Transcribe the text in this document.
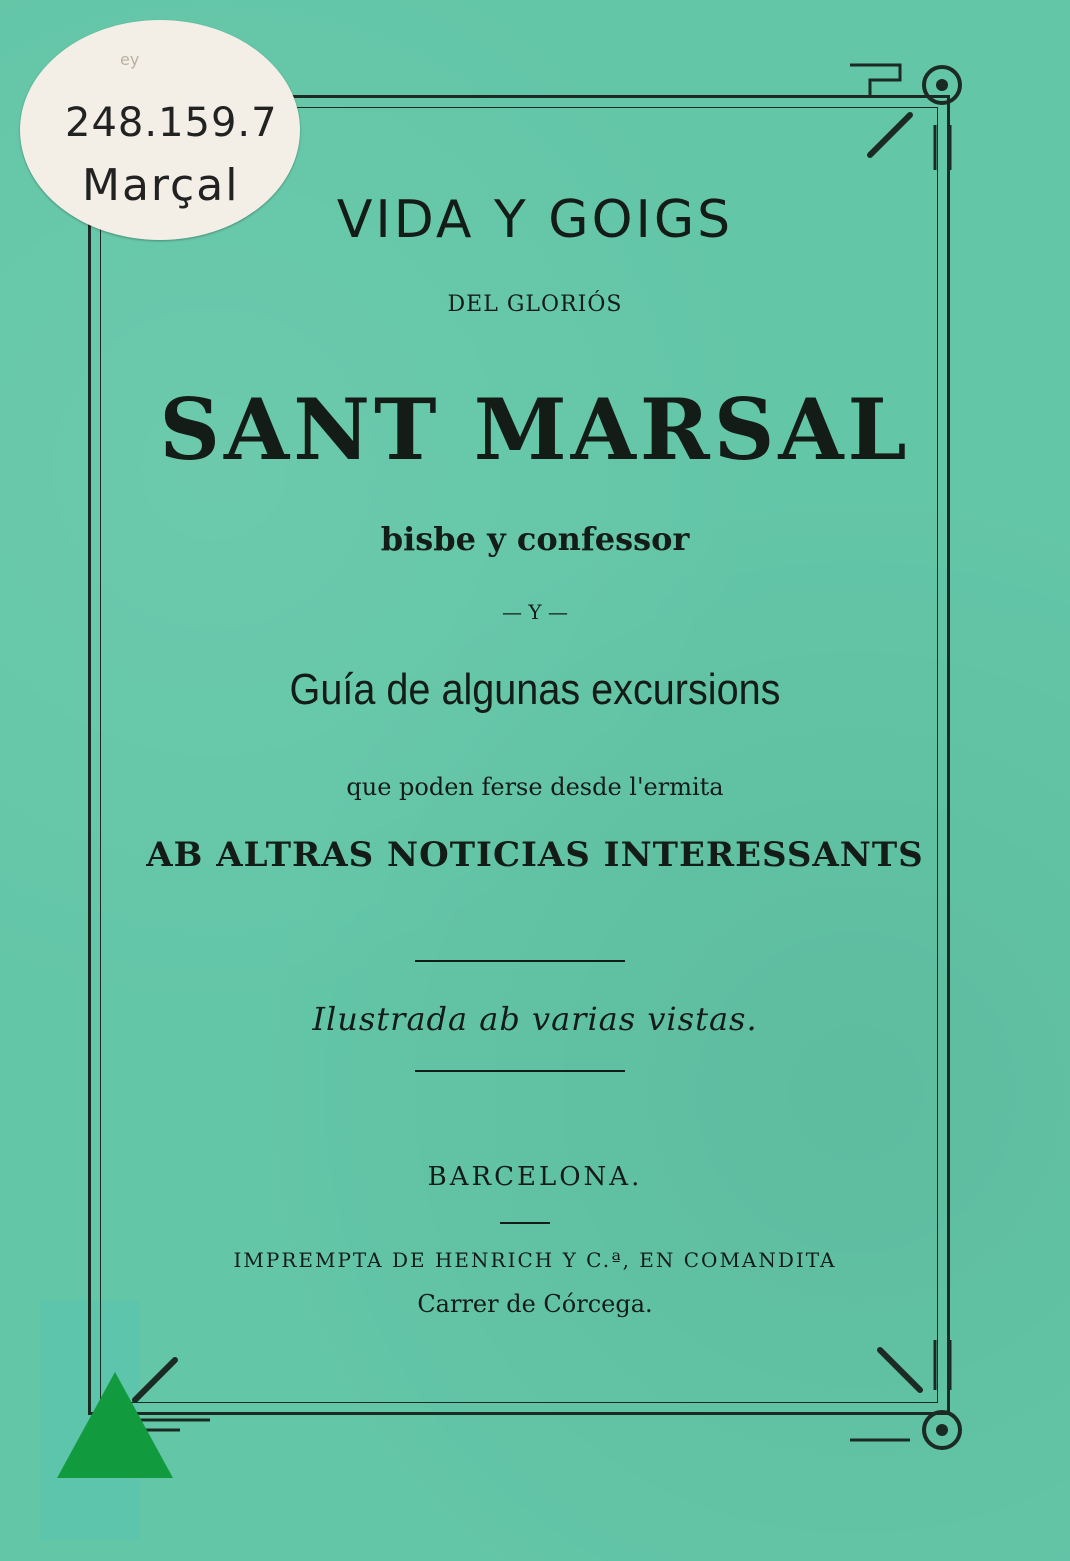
ey
248.159.7
Marçal
VIDA Y GOIGS
DEL GLORIÓS
SANT MARSAL
bisbe y confessor
— Y —
Guía de algunas excursions
que poden ferse desde l'ermita
AB ALTRAS NOTICIAS INTERESSANTS
Ilustrada ab varias vistas.
BARCELONA.
IMPREMPTA DE HENRICH Y C.ª, EN COMANDITA
Carrer de Córcega.
